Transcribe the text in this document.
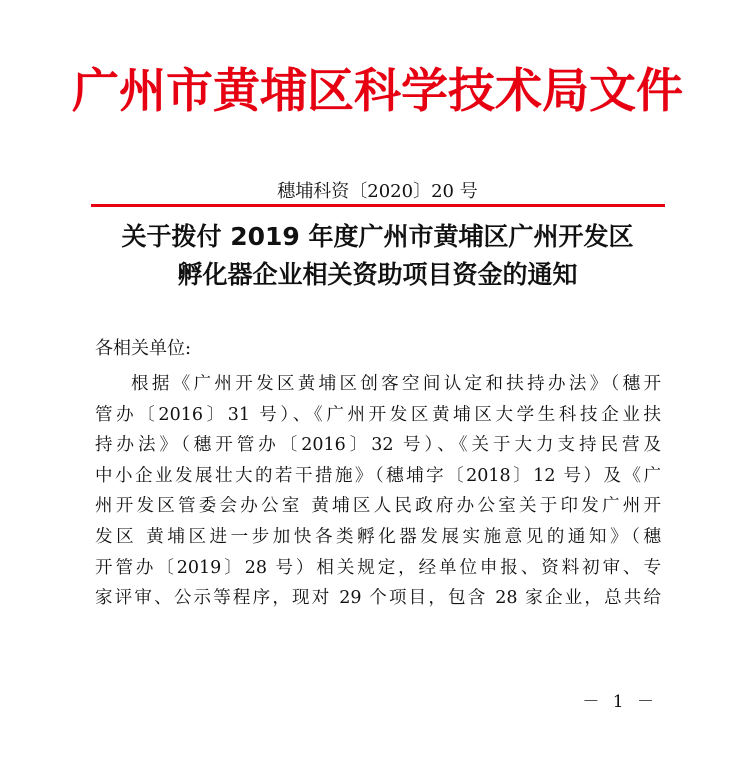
广州市黄埔区科学技术局文件
穗埔科资〔2020〕20 号
关于拨付 2019 年度广州市黄埔区广州开发区
孵化器企业相关资助项目资金的通知
各相关单位:
根据《广州开发区黄埔区创客空间认定和扶持办法》（穗开
管办〔2016〕31 号）、《广州开发区黄埔区大学生科技企业扶
持办法》（穗开管办〔2016〕32 号）、《关于大力支持民营及
中小企业发展壮大的若干措施》（穗埔字〔2018〕12 号）及《广
州开发区管委会办公室 黄埔区人民政府办公室关于印发广州开
发区 黄埔区进一步加快各类孵化器发展实施意见的通知》（穗
开管办〔2019〕28 号）相关规定，经单位申报、资料初审、专
家评审、公示等程序，现对 29 个项目，包含 28 家企业，总共给
－ 1 －
